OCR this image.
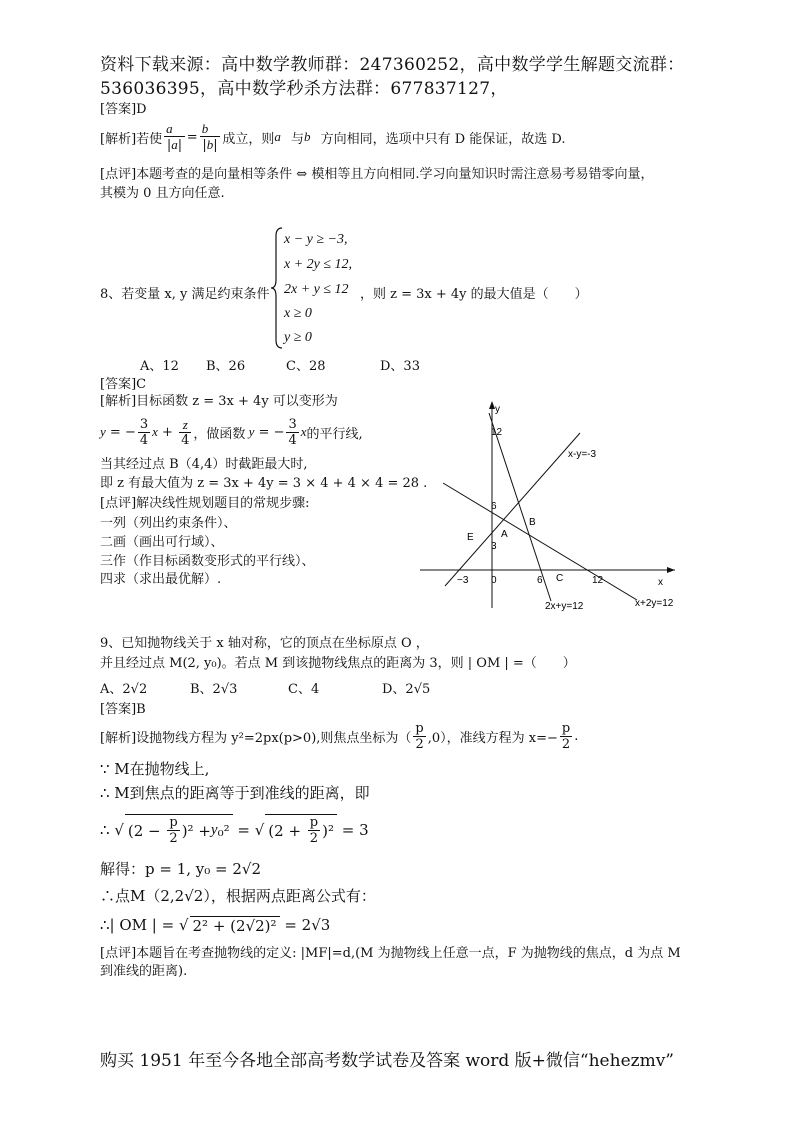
资料下载来源：高中数学教师群：247360252，高中数学学生解题交流群：
536036395，高中数学秒杀方法群：677837127，
[答案]D
[解析] 若使 $\frac{a⃗}{|a|} = \frac{b⃗}{|b|}$ 成立，则 a⃗ 与 b⃗ 方向相同，选项中只有 D 能保证，故选 D.
[点评]本题考查的是向量相等条件 ⇔ 模相等且方向相同.学习向量知识时需注意易考易错零向量，
其模为 0 且方向任意.
8、若变量 x, y 满足约束条件
x − y ≥ −3,
x + 2y ≤ 12,
2x + y ≤ 12
x ≥ 0
y ≥ 0
，则 z = 3x + 4y 的最大值是（　　）
A、12 B、26	C、28	D、33
[答案]C
[解析]目标函数 z = 3x + 4y 可以变形为
y = − $\frac{3}{4}$ $x + \frac{z}{4}$ ，做函数 y = − $\frac{3}{4}$ x 的平行线,
当其经过点 B（4,4）时截距最大时,
即 z 有最大值为 z = 3x + 4y = 3 × 4 + 4 × 4 = 28 .
[点评]解决线性规划题目的常规步骤:
一列（列出约束条件）、
二画（画出可行域）、
三作（作目标函数变形式的平行线）、
四求（求出最优解）.
y
x
12
6
3
−3 0	6	12
A
B
C
E
x-y=-3
2x+y=12	x+2y=12
9、已知抛物线关于 x 轴对称，它的顶点在坐标原点 O ，
并且经过点 M(2, y₀)。若点 M 到该抛物线焦点的距离为 3，则 | OM | =（　　）
A、2√2	B、2√3	C、4	D、2√5
[答案]B
[解析]设抛物线方程为 y²=2px(p>0),则焦点坐标为（ $\frac{p}{2} ,0$），准线方程为 $x=- \frac{p}{2}$ .
∵ M在抛物线上,
∴ M到焦点的距离等于到准线的距离，即
∴ √ $(2 - \frac{p}{2} )^2 + y$ ₀² = √ $(2 + \frac{p}{2} )^2$
= 3
解得：p = 1, y₀ = 2√2
∴点M（2,2√2），根据两点距离公式有：
∴| OM | = √ 2² + (2√2)²
= 2√3
[点评]本题旨在考查抛物线的定义: |MF|=d,(M 为抛物线上任意一点，F 为抛物线的焦点，d 为点 M
到准线的距离).
购买 1951 年至今各地全部高考数学试卷及答案 word 版+微信“hehezmv”
